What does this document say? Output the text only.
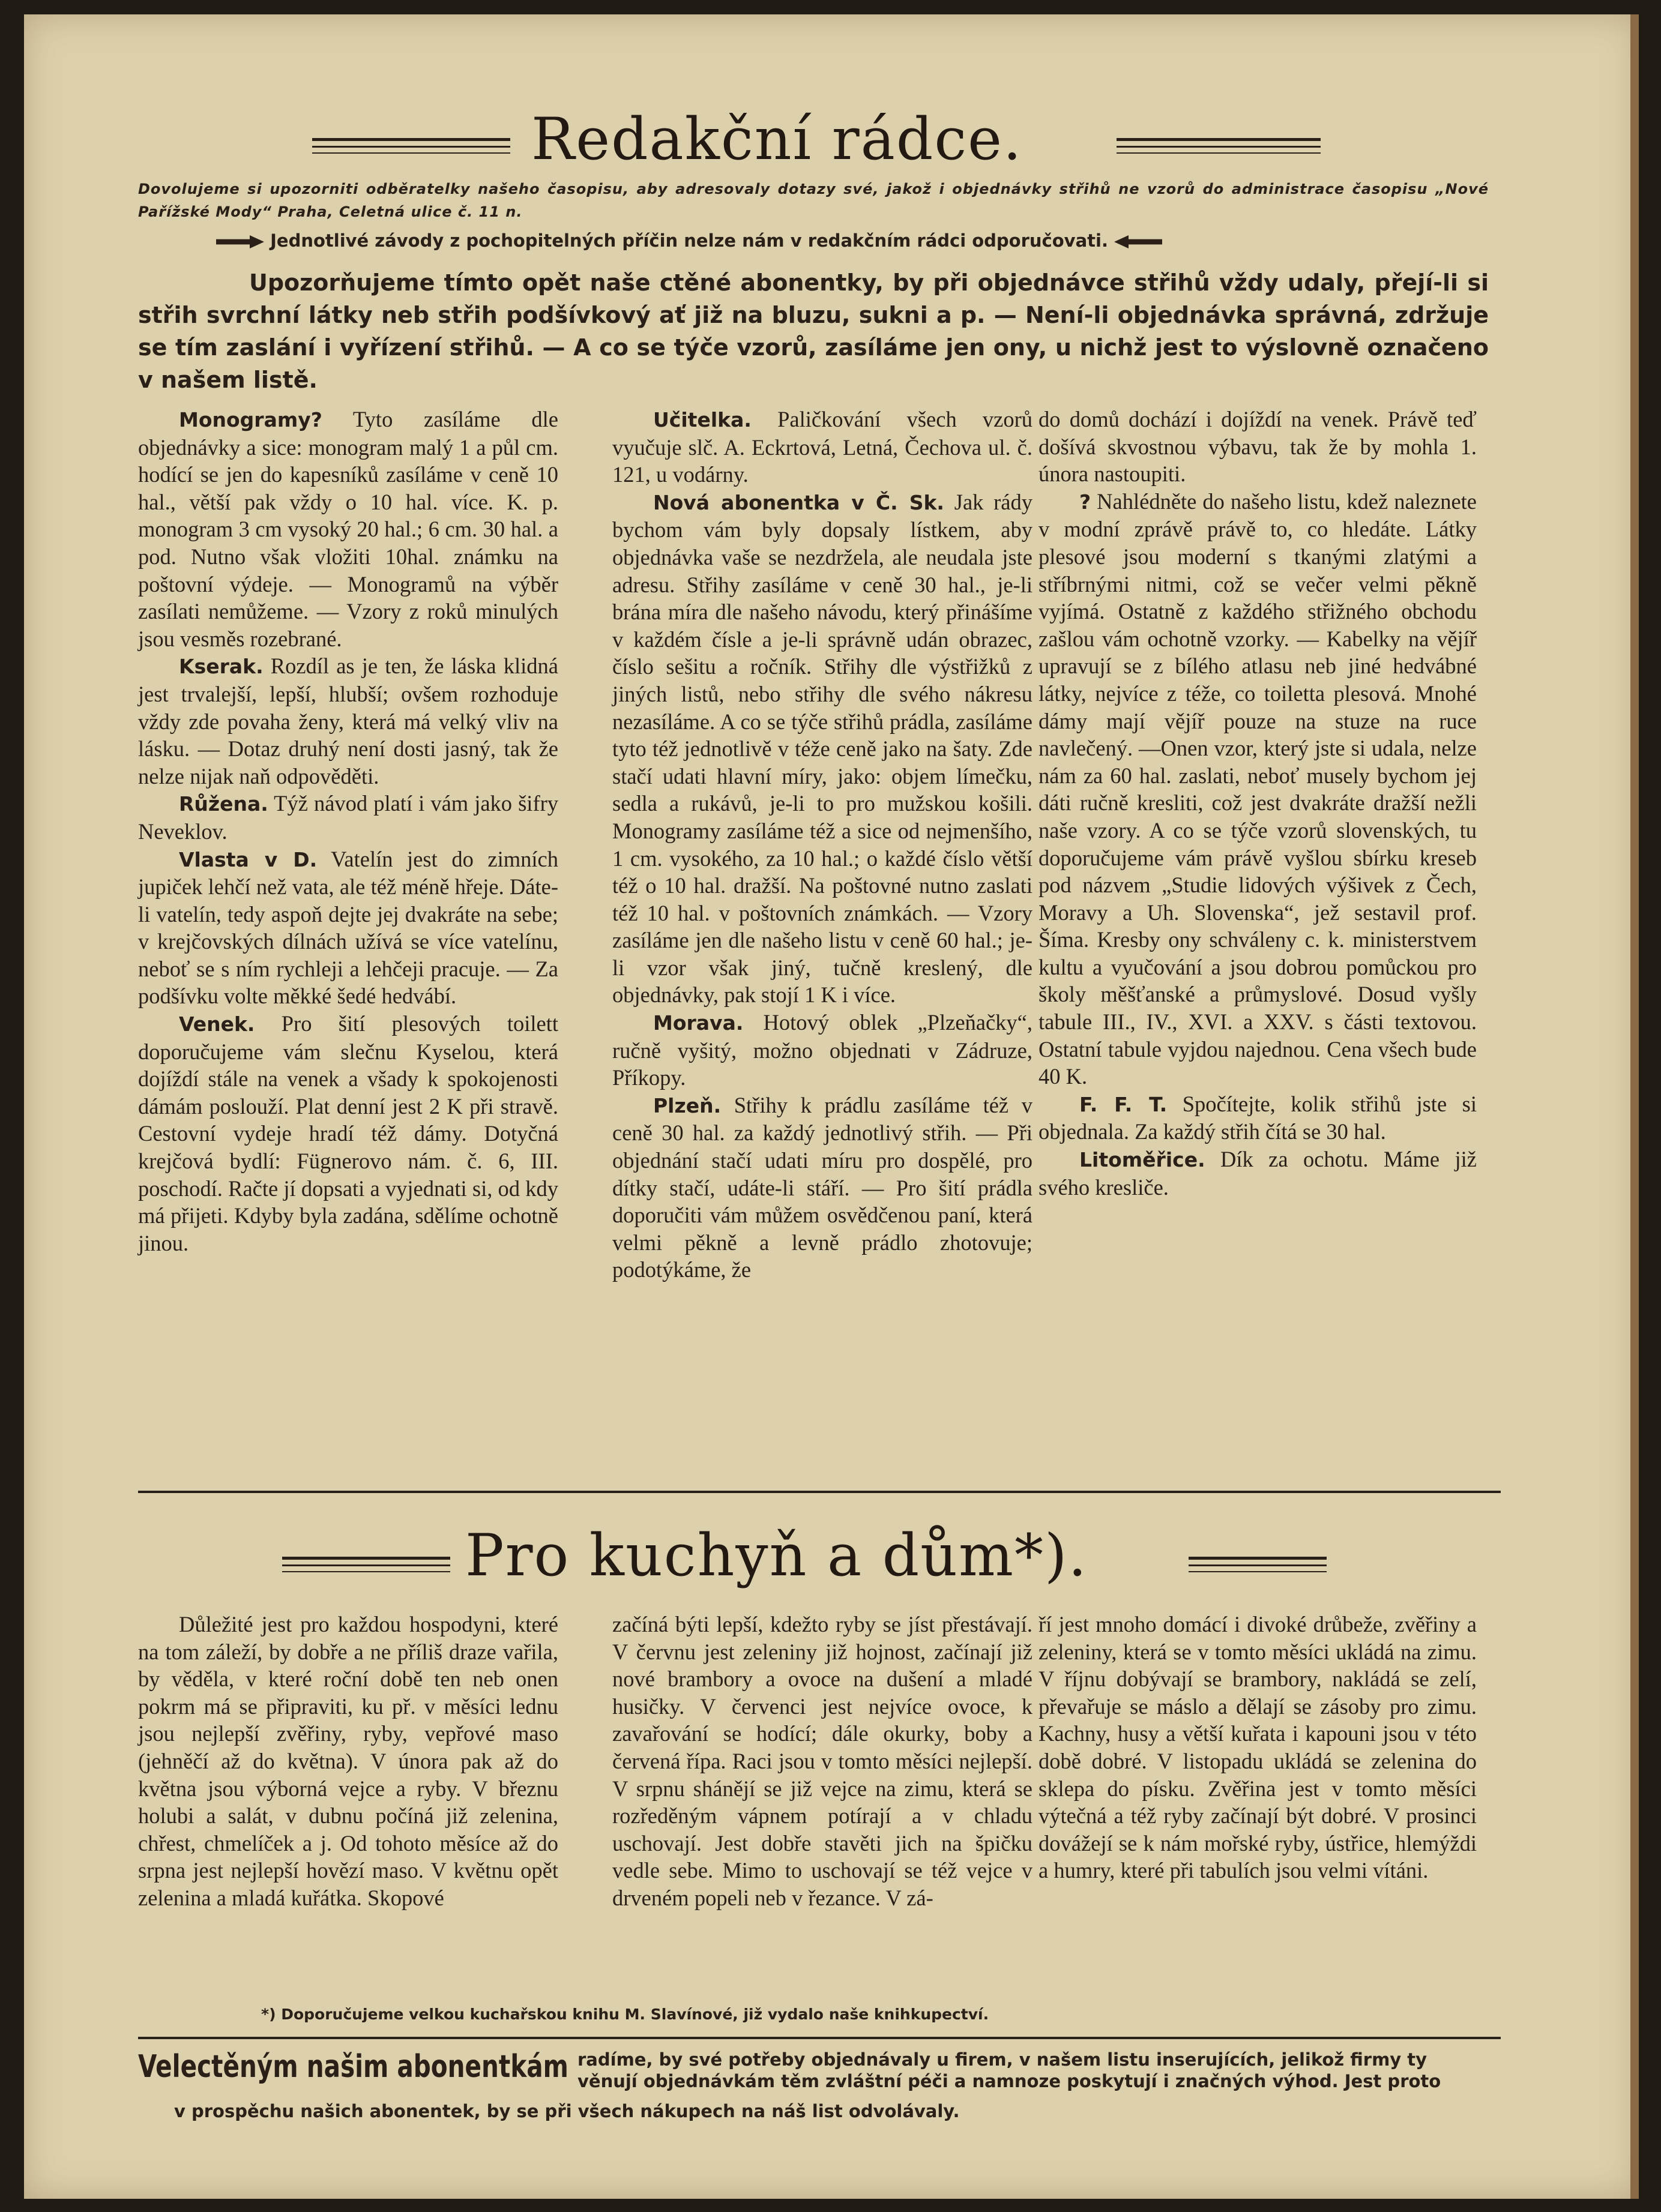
Redakční rádce.
Dovolujeme si upozorniti odběratelky našeho časopisu, aby adresovaly dotazy své, jakož i objednávky střihů ne vzorů do administrace časopisu „Nové Pařížské Mody“ Praha, Celetná ulice č. 11 n.
Jednotlivé závody z pochopitelných příčin nelze nám v redakčním rádci odporučovati.
Upozorňujeme tímto opět naše ctěné abonentky, by při objednávce střihů vždy udaly, přejí-li si střih svrchní látky neb střih podšívkový ať již na bluzu, sukni a p. — Není-li objednávka správná, zdržuje se tím zaslání i vyřízení střihů. — A co se týče vzorů, zasíláme jen ony, u nichž jest to výslovně označeno v našem listě.

Monogramy? Tyto zasíláme dle objednávky a sice: monogram malý 1 a půl cm. hodící se jen do kapesníků zasíláme v ceně 10 hal., větší pak vždy o 10 hal. více. K. p. monogram 3 cm vysoký 20 hal.; 6 cm. 30 hal. a pod. Nutno však vložiti 10hal. známku na poštovní výdeje. — Monogramů na výběr zasílati nemůžeme. — Vzory z roků minulých jsou vesměs rozebrané.

Kserak. Rozdíl as je ten, že láska klidná jest trvalejší, lepší, hlubší; ovšem rozhoduje vždy zde povaha ženy, která má velký vliv na lásku. — Dotaz druhý není dosti jasný, tak že nelze nijak naň odpověděti.

Růžena. Týž návod platí i vám jako šifry Neveklov.

Vlasta v D. Vatelín jest do zimních jupiček lehčí než vata, ale též méně hřeje. Dáte-li vatelín, tedy aspoň dejte jej dvakráte na sebe; v krejčovských dílnách užívá se více vatelínu, neboť se s ním rychleji a lehčeji pracuje. — Za podšívku volte měkké šedé hedvábí.

Venek. Pro šití plesových toilett doporučujeme vám slečnu Kyselou, která dojíždí stále na venek a všady k spokojenosti dámám poslouží. Plat denní jest 2 K při stravě. Cestovní vydeje hradí též dámy. Dotyčná krejčová bydlí: Fügnerovo nám. č. 6, III. poschodí. Račte jí dopsati a vyjednati si, od kdy má přijeti. Kdyby byla zadána, sdělíme ochotně jinou.

Učitelka. Paličkování všech vzorů vyučuje slč. A. Eckrtová, Letná, Čechova ul. č. 121, u vodárny.

Nová abonentka v Č. Sk. Jak rády bychom vám byly dopsaly lístkem, aby objednávka vaše se nezdržela, ale neudala jste adresu. Střihy zasíláme v ceně 30 hal., je-li brána míra dle našeho návodu, který přinášíme v každém čísle a je-li správně udán obrazec, číslo sešitu a ročník. Střihy dle výstřižků z jiných listů, nebo střihy dle svého nákresu nezasíláme. A co se týče střihů prádla, zasíláme tyto též jednotlivě v téže ceně jako na šaty. Zde stačí udati hlavní míry, jako: objem límečku, sedla a rukávů, je-li to pro mužskou košili. Monogramy zasíláme též a sice od nejmenšího, 1 cm. vysokého, za 10 hal.; o každé číslo větší též o 10 hal. dražší. Na poštovné nutno zaslati též 10 hal. v poštovních známkách. — Vzory zasíláme jen dle našeho listu v ceně 60 hal.; je-li vzor však jiný, tučně kreslený, dle objednávky, pak stojí 1 K i více.

Morava. Hotový oblek „Plzeňačky“, ručně vyšitý, možno objednati v Zádruze, Příkopy.

Plzeň. Střihy k prádlu zasíláme též v ceně 30 hal. za každý jednotlivý střih. — Při objednání stačí udati míru pro dospělé, pro dítky stačí, udáte-li stáří. — Pro šití prádla doporučiti vám můžem osvědčenou paní, která velmi pěkně a levně prádlo zhotovuje; podotýkáme, že

do domů dochází i dojíždí na venek. Právě teď došívá skvostnou výbavu, tak že by mohla 1. února nastoupiti.

? Nahlédněte do našeho listu, kdež naleznete v modní zprávě právě to, co hledáte. Látky plesové jsou moderní s tkanými zlatými a stříbrnými nitmi, což se večer velmi pěkně vyjímá. Ostatně z každého střižného obchodu zašlou vám ochotně vzorky. — Kabelky na vějíř upravují se z bílého atlasu neb jiné hedvábné látky, nejvíce z téže, co toiletta plesová. Mnohé dámy mají vějíř pouze na stuze na ruce navlečený. —Onen vzor, který jste si udala, nelze nám za 60 hal. zaslati, neboť musely bychom jej dáti ručně kresliti, což jest dvakráte dražší nežli naše vzory. A co se týče vzorů slovenských, tu doporučujeme vám právě vyšlou sbírku kreseb pod názvem „Studie lidových výšivek z Čech, Moravy a Uh. Slovenska“, jež sestavil prof. Šíma. Kresby ony schváleny c. k. ministerstvem kultu a vyučování a jsou dobrou pomůckou pro školy měšťanské a průmyslové. Dosud vyšly tabule III., IV., XVI. a XXV. s části textovou. Ostatní tabule vyjdou najednou. Cena všech bude 40 K.

F. F. T. Spočítejte, kolik střihů jste si objednala. Za každý střih čítá se 30 hal.

Litoměřice. Dík za ochotu. Máme již svého kresliče.

Pro kuchyň a dům*).

Důležité jest pro každou hospodyni, které na tom záleží, by dobře a ne příliš draze vařila, by věděla, v které roční době ten neb onen pokrm má se připraviti, ku př. v měsíci lednu jsou nejlepší zvěřiny, ryby, vepřové maso (jehněčí až do května). V února pak až do května jsou výborná vejce a ryby. V březnu holubi a salát, v dubnu počíná již zelenina, chřest, chmelíček a j. Od tohoto měsíce až do srpna jest nejlepší hovězí maso. V květnu opět zelenina a mladá kuřátka. Skopové

začíná býti lepší, kdežto ryby se jíst přestávají. V červnu jest zeleniny již hojnost, začínají již nové brambory a ovoce na dušení a mladé husičky. V červenci jest nejvíce ovoce, k zavařování se hodící; dále okurky, boby a červená řípa. Raci jsou v tomto měsíci nejlepší. V srpnu shánějí se již vejce na zimu, která se rozředěným vápnem potírají a v chladu uschovají. Jest dobře stavěti jich na špičku vedle sebe. Mimo to uschovají se též vejce v drveném popeli neb v řezance. V zá-

ří jest mnoho domácí i divoké drůbeže, zvěřiny a zeleniny, která se v tomto měsíci ukládá na zimu. V říjnu dobývají se brambory, nakládá se zelí, převařuje se máslo a dělají se zásoby pro zimu. Kachny, husy a větší kuřata i kapouni jsou v této době dobré. V listopadu ukládá se zelenina do sklepa do písku. Zvěřina jest v tomto měsíci výtečná a též ryby začínají být dobré. V prosinci dovážejí se k nám mořské ryby, ústřice, hlemýždi a humry, které při tabulích jsou velmi vítáni.

*) Doporučujeme velkou kuchařskou knihu M. Slavínové, již vydalo naše knihkupectví.
Velectěným našim abonentkám radíme, by své potřeby objednávaly u firem, v našem listu inserujících, jelikož firmy ty
věnují objednávkám těm zvláštní péči a namnoze poskytují i značných výhod. Jest proto
v prospěchu našich abonentek, by se při všech nákupech na náš list odvolávaly.
